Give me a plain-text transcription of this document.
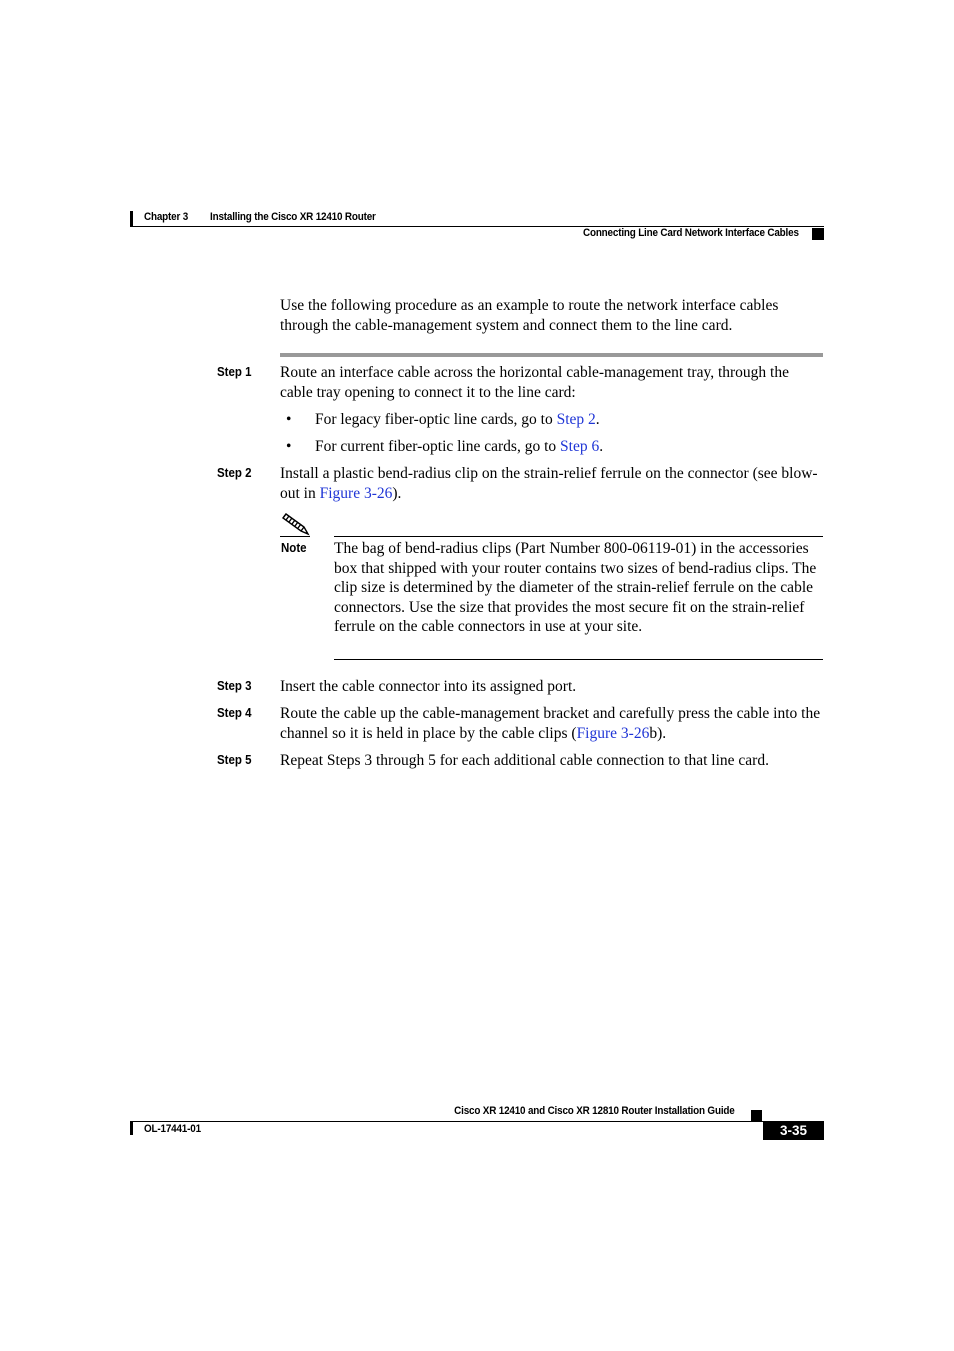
Chapter 3 Installing the Cisco XR 12410 Router
Connecting Line Card Network Interface Cables
Use the following procedure as an example to route the network interface cables through the cable-management system and connect them to the line card.
Step 1 Route an interface cable across the horizontal cable-management tray, through the cable tray opening to connect it to the line card:
•	For legacy fiber-optic line cards, go to Step 2.
•	For current fiber-optic line cards, go to Step 6.
Step 2 Install a plastic bend-radius clip on the strain-relief ferrule on the connector (see blow-out in Figure 3-26).
Note The bag of bend-radius clips (Part Number 800-06119-01) in the accessories box that shipped with your router contains two sizes of bend-radius clips. The clip size is determined by the diameter of the strain-relief ferrule on the cable connectors. Use the size that provides the most secure fit on the strain-relief ferrule on the cable connectors in use at your site.
Step 3 Insert the cable connector into its assigned port.
Step 4 Route the cable up the cable-management bracket and carefully press the cable into the channel so it is held in place by the cable clips (Figure 3-26b).
Step 5 Repeat Steps 3 through 5 for each additional cable connection to that line card.
Cisco XR 12410 and Cisco XR 12810 Router Installation Guide
OL-17441-01	3-35
